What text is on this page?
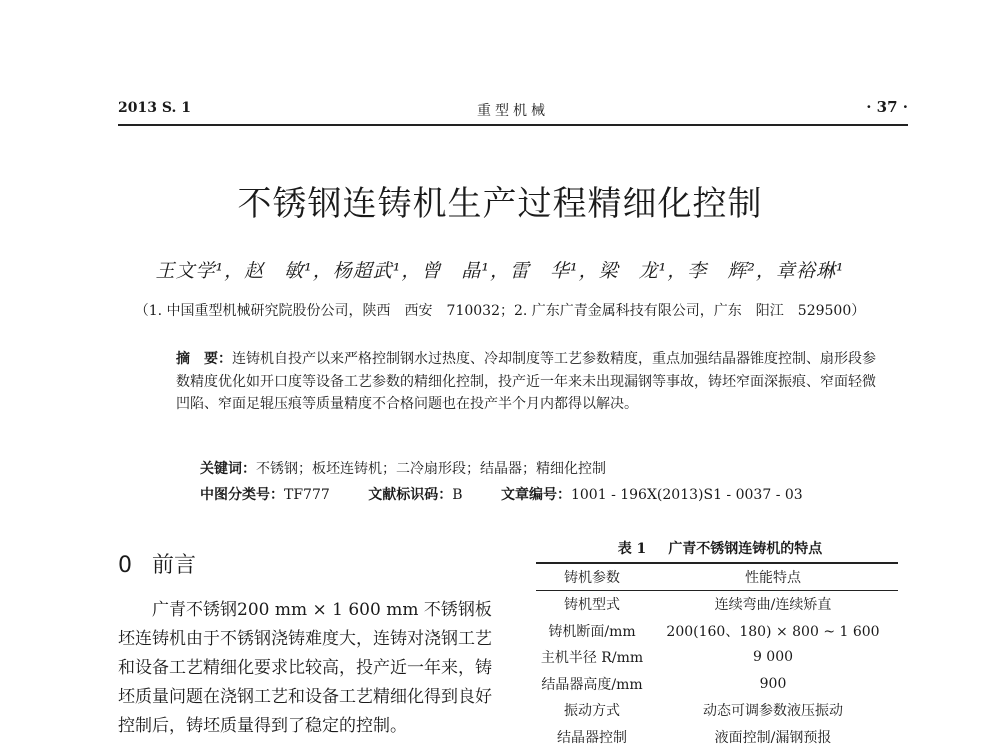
2013 S. 1	重型机械	· 37 ·
不锈钢连铸机生产过程精细化控制
王文学¹，赵　敏¹，杨超武¹，曾　晶¹，雷　华¹，梁　龙¹，李　辉²，章裕琳¹
（1. 中国重型机械研究院股份公司，陕西　西安　710032；2. 广东广青金属科技有限公司，广东　阳江　529500）
摘　要：连铸机自投产以来严格控制钢水过热度、冷却制度等工艺参数精度，重点加强结晶器锥度控制、扇形段参数精度优化如开口度等设备工艺参数的精细化控制，投产近一年来未出现漏钢等事故，铸坯窄面深振痕、窄面轻微凹陷、窄面足辊压痕等质量精度不合格问题也在投产半个月内都得以解决。
关键词：不锈钢；板坯连铸机；二冷扇形段；结晶器；精细化控制
中图分类号：TF777	文献标识码：B	文章编号：1001 - 196X(2013)S1 - 0037 - 03
0 前言

广青不锈钢200 mm × 1 600 mm 不锈钢板坯连铸机由于不锈钢浇铸难度大，连铸对浇钢工艺和设备工艺精细化要求比较高，投产近一年来，铸坯质量问题在浇钢工艺和设备工艺精细化得到良好控制后，铸坯质量得到了稳定的控制。

表 1 广青不锈钢连铸机的特点
铸机参数	性能特点
铸机型式	连续弯曲/连续矫直
铸机断面/mm	200(160、180) × 800 ~ 1 600
主机半径 R/mm	9 000
结晶器高度/mm	900
振动方式	动态可调参数液压振动
结晶器控制	液面控制/漏钢预报
